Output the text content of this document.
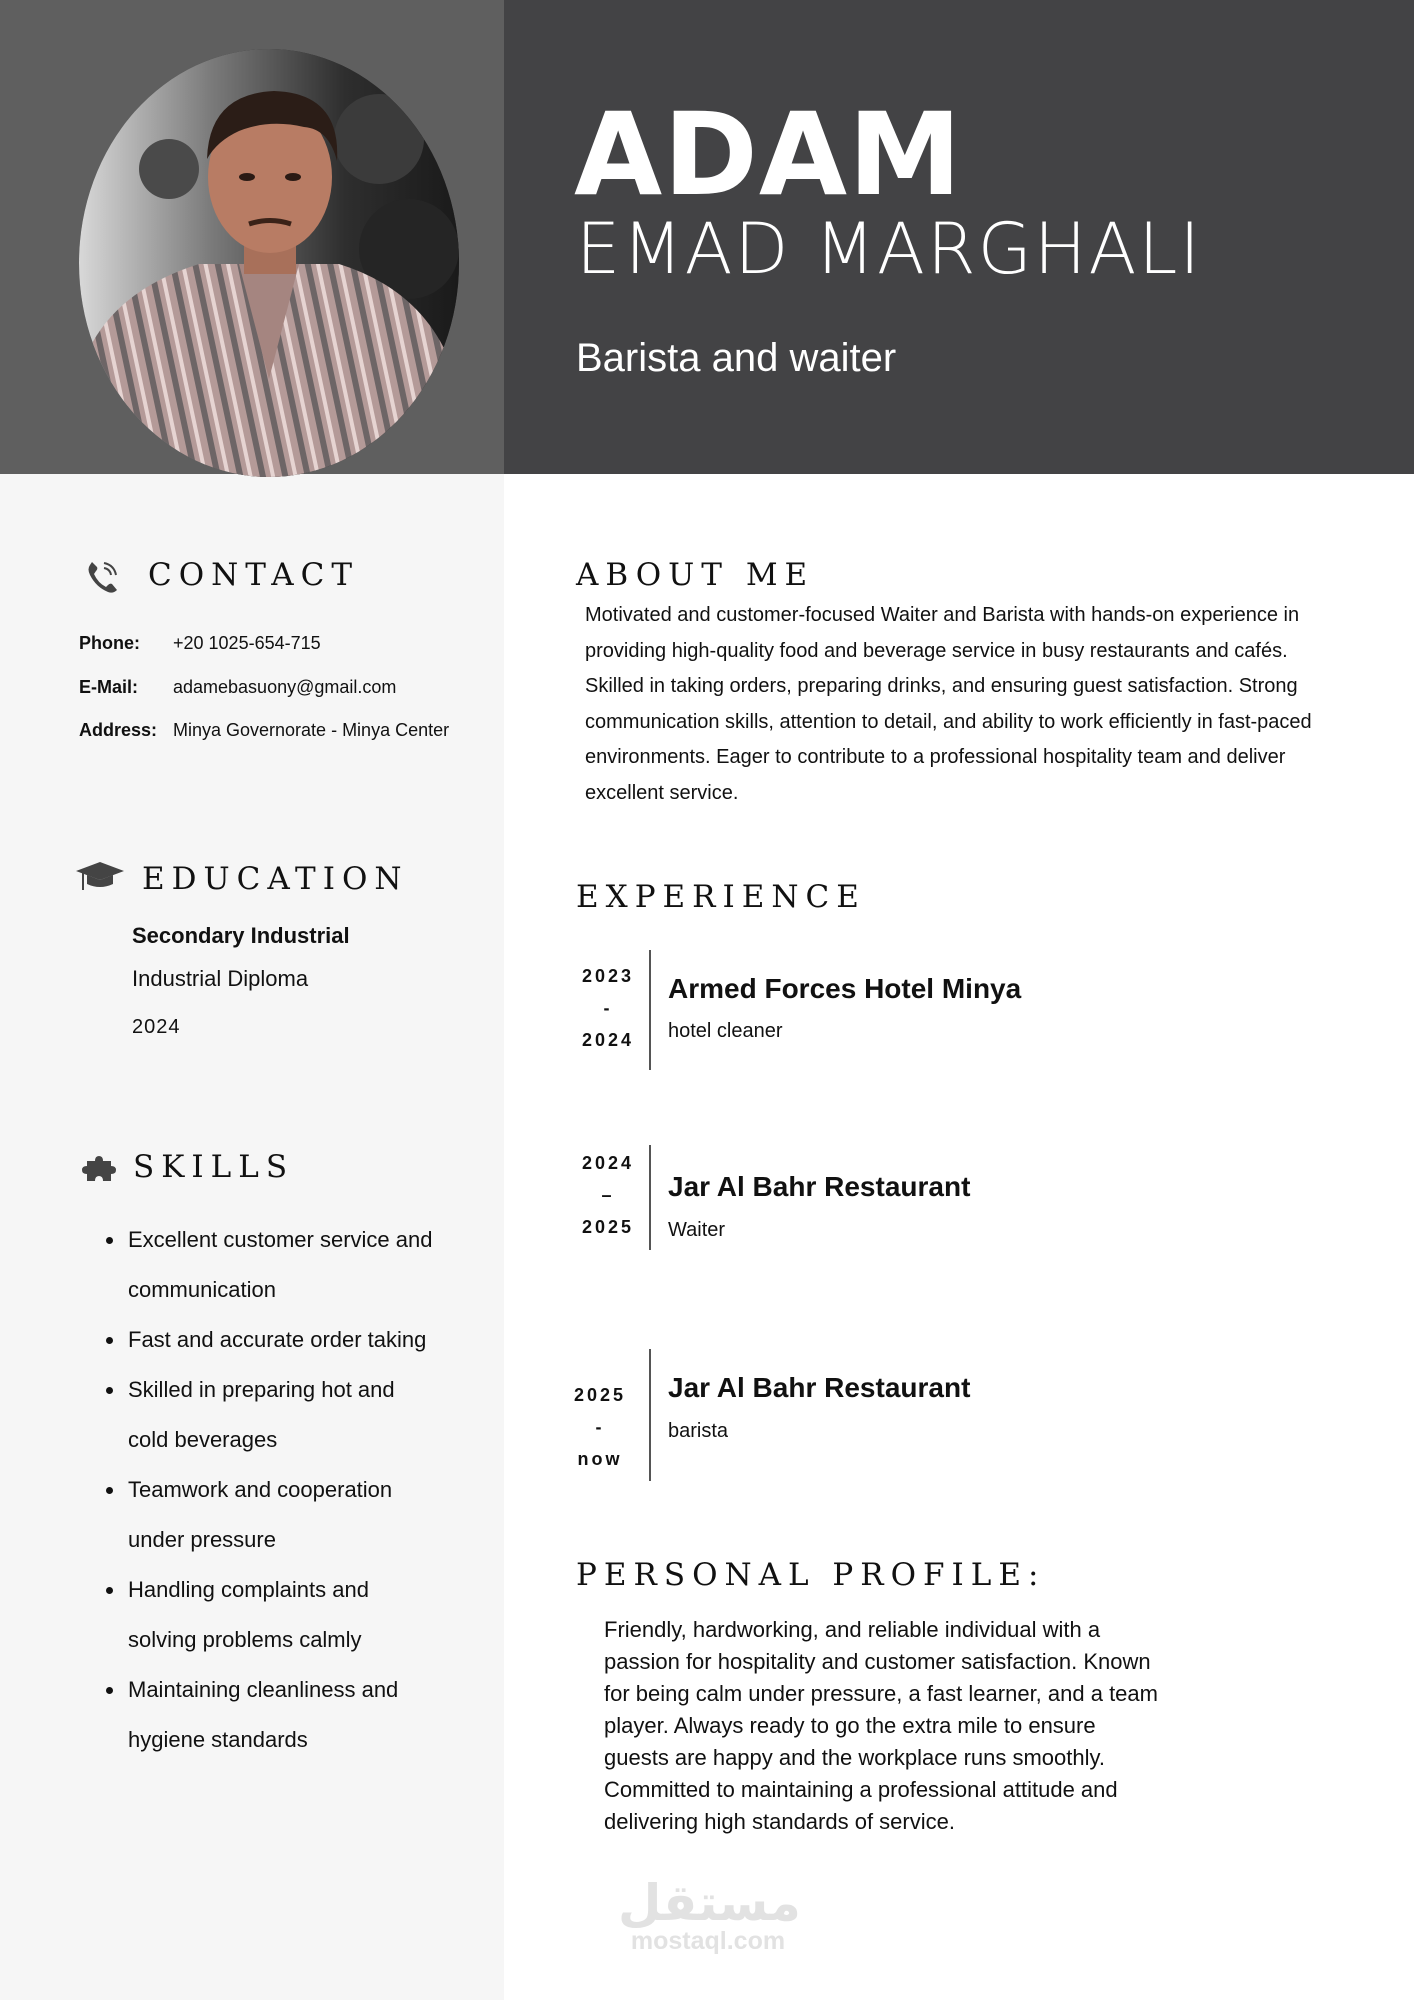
ADAM
EMAD MARGHALI
Barista and waiter
CONTACT
Phone: +20 1025-654-715
E-Mail: adamebasuony@gmail.com
Address: Minya Governorate - Minya Center
EDUCATION
Secondary Industrial
Industrial Diploma
2024
SKILLS
Excellent customer service and communication
Fast and accurate order taking
Skilled in preparing hot and cold beverages
Teamwork and cooperation under pressure
Handling complaints and solving problems calmly
Maintaining cleanliness and hygiene standards
ABOUT ME
Motivated and customer-focused Waiter and Barista with hands-on experience in providing high-quality food and beverage service in busy restaurants and cafés. Skilled in taking orders, preparing drinks, and ensuring guest satisfaction. Strong communication skills, attention to detail, and ability to work efficiently in fast-paced environments. Eager to contribute to a professional hospitality team and deliver excellent service.
EXPERIENCE
2023
-
2024
Armed Forces Hotel Minya
hotel cleaner
2024
–
2025
Jar Al Bahr Restaurant
Waiter
2025
-
now
Jar Al Bahr Restaurant
barista
PERSONAL PROFILE:
Friendly, hardworking, and reliable individual with a passion for hospitality and customer satisfaction. Known for being calm under pressure, a fast learner, and a team player. Always ready to go the extra mile to ensure guests are happy and the workplace runs smoothly. Committed to maintaining a professional attitude and delivering high standards of service.
مستقل
mostaql.com
